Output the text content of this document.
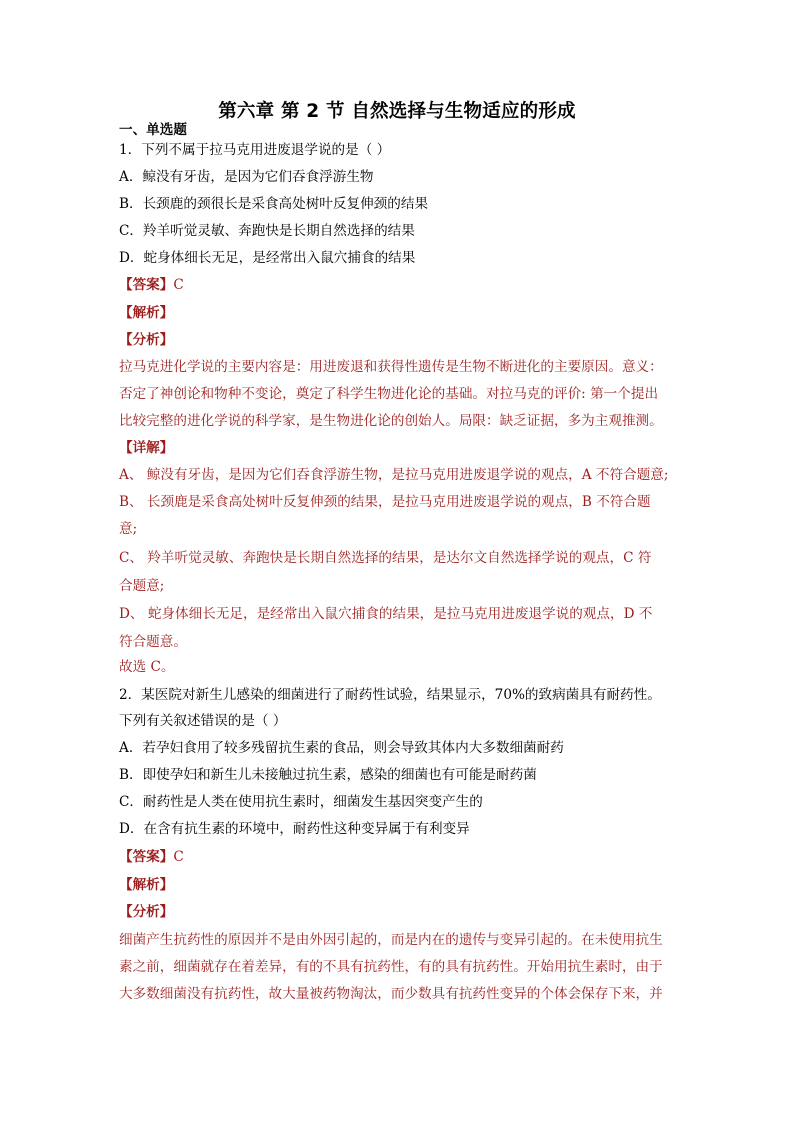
第六章 第 2 节 自然选择与生物适应的形成
一、单选题
1．下列不属于拉马克用进废退学说的是（ ）
A．鲸没有牙齿，是因为它们吞食浮游生物
B．长颈鹿的颈很长是采食高处树叶反复伸颈的结果
C．羚羊听觉灵敏、奔跑快是长期自然选择的结果
D．蛇身体细长无足，是经常出入鼠穴捕食的结果
【答案】C
【解析】
【分析】
拉马克进化学说的主要内容是：用进废退和获得性遗传是生物不断进化的主要原因。意义：
否定了神创论和物种不变论，奠定了科学生物进化论的基础。对拉马克的评价: 第一个提出
比较完整的进化学说的科学家，是生物进化论的创始人。局限：缺乏证据，多为主观推测。
【详解】
A、 鲸没有牙齿，是因为它们吞食浮游生物，是拉马克用进废退学说的观点，A 不符合题意;
B、 长颈鹿是采食高处树叶反复伸颈的结果，是拉马克用进废退学说的观点，B 不符合题
意;
C、 羚羊听觉灵敏、奔跑快是长期自然选择的结果，是达尔文自然选择学说的观点，C 符
合题意;
D、 蛇身体细长无足，是经常出入鼠穴捕食的结果，是拉马克用进废退学说的观点，D 不
符合题意。
故选 C。
2．某医院对新生儿感染的细菌进行了耐药性试验，结果显示，70%的致病菌具有耐药性。
下列有关叙述错误的是（ ）
A．若孕妇食用了较多残留抗生素的食品，则会导致其体内大多数细菌耐药
B．即使孕妇和新生儿未接触过抗生素，感染的细菌也有可能是耐药菌
C．耐药性是人类在使用抗生素时，细菌发生基因突变产生的
D．在含有抗生素的环境中，耐药性这种变异属于有利变异
【答案】C
【解析】
【分析】
细菌产生抗药性的原因并不是由外因引起的，而是内在的遗传与变异引起的。在未使用抗生
素之前，细菌就存在着差异，有的不具有抗药性，有的具有抗药性。开始用抗生素时，由于
大多数细菌没有抗药性，故大量被药物淘汰，而少数具有抗药性变异的个体会保存下来，并
